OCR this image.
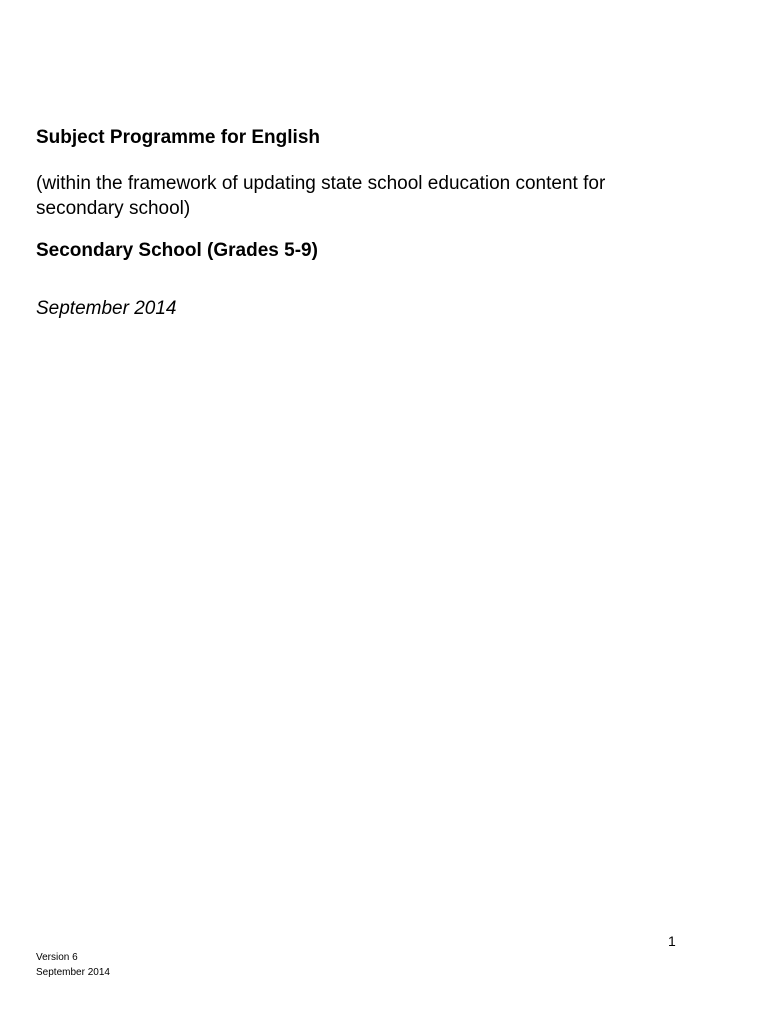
Subject Programme for English

(within the framework of updating state school education content for
secondary school)

Secondary School (Grades 5-9)

September 2014

1
Version 6
September 2014
